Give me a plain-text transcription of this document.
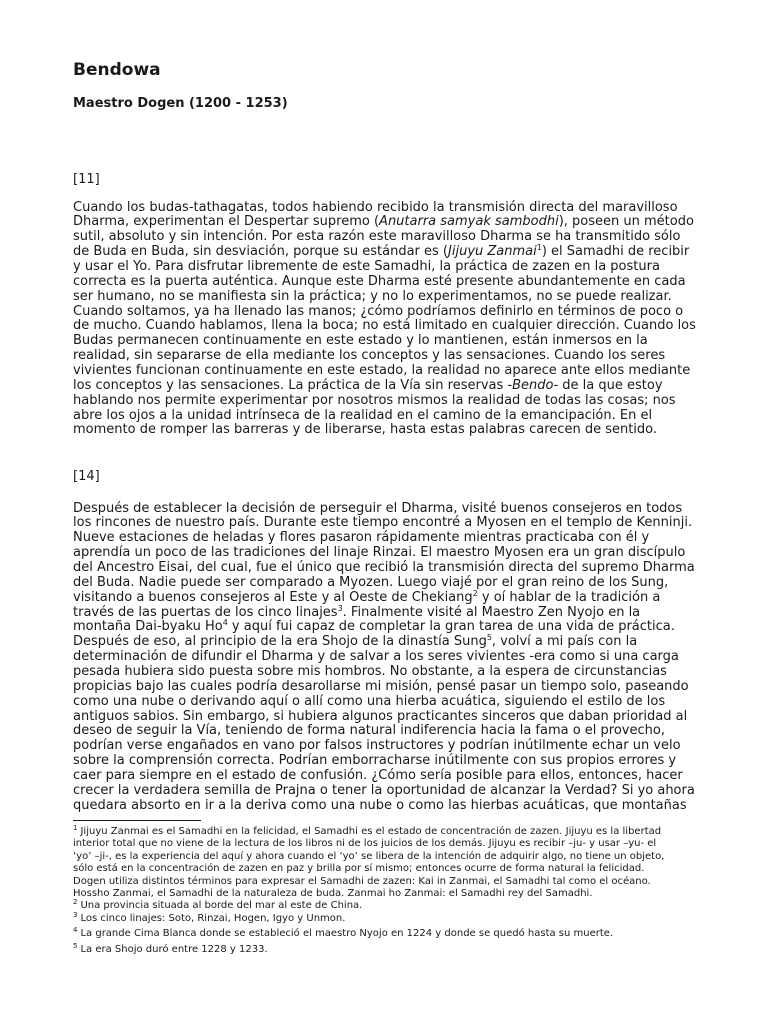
Bendowa
Maestro Dogen (1200 - 1253)
[11]
Cuando los budas-tathagatas, todos habiendo recibido la transmisión directa del maravilloso
Dharma, experimentan el Despertar supremo (Anutarra samyak sambodhi), poseen un método
sutil, absoluto y sin intención. Por esta razón este maravilloso Dharma se ha transmitido sólo
de Buda en Buda, sin desviación, porque su estándar es (Jijuyu Zanmai$^1$) el Samadhi de recibir
y usar el Yo. Para disfrutar libremente de este Samadhi, la práctica de zazen en la postura
correcta es la puerta auténtica. Aunque este Dharma esté presente abundantemente en cada
ser humano, no se manifiesta sin la práctica; y no lo experimentamos, no se puede realizar.
Cuando soltamos, ya ha llenado las manos; ¿cómo podríamos definirlo en términos de poco o
de mucho. Cuando hablamos, llena la boca; no está limitado en cualquier dirección. Cuando los
Budas permanecen continuamente en este estado y lo mantienen, están inmersos en la
realidad, sin separarse de ella mediante los conceptos y las sensaciones. Cuando los seres
vivientes funcionan continuamente en este estado, la realidad no aparece ante ellos mediante
los conceptos y las sensaciones. La práctica de la Vía sin reservas -Bendo- de la que estoy
hablando nos permite experimentar por nosotros mismos la realidad de todas las cosas; nos
abre los ojos a la unidad intrínseca de la realidad en el camino de la emancipación. En el
momento de romper las barreras y de liberarse, hasta estas palabras carecen de sentido.
[14]
Después de establecer la decisión de perseguir el Dharma, visité buenos consejeros en todos
los rincones de nuestro país. Durante este tiempo encontré a Myosen en el templo de Kenninji.
Nueve estaciones de heladas y flores pasaron rápidamente mientras practicaba con él y
aprendía un poco de las tradiciones del linaje Rinzai. El maestro Myosen era un gran discípulo
del Ancestro Eisai, del cual, fue el único que recibió la transmisión directa del supremo Dharma
del Buda. Nadie puede ser comparado a Myozen. Luego viajé por el gran reino de los Sung,
visitando a buenos consejeros al Este y al Oeste de Chekiang$^2$ y oí hablar de la tradición a
través de las puertas de los cinco linajes$^3$. Finalmente visité al Maestro Zen Nyojo en la
montaña Dai-byaku Ho$^4$ y aquí fui capaz de completar la gran tarea de una vida de práctica.
Después de eso, al principio de la era Shojo de la dinastía Sung$^5$, volví a mi país con la
determinación de difundir el Dharma y de salvar a los seres vivientes -era como si una carga
pesada hubiera sido puesta sobre mis hombros. No obstante, a la espera de circunstancias
propicias bajo las cuales podría desarollarse mi misión, pensé pasar un tiempo solo, paseando
como una nube o derivando aquí o allí como una hierba acuática, siguiendo el estilo de los
antiguos sabios. Sin embargo, si hubiera algunos practicantes sinceros que daban prioridad al
deseo de seguir la Vía, teniendo de forma natural indiferencia hacia la fama o el provecho,
podrían verse engañados en vano por falsos instructores y podrían inútilmente echar un velo
sobre la comprensión correcta. Podrían emborracharse inútilmente con sus propios errores y
caer para siempre en el estado de confusión. ¿Cómo sería posible para ellos, entonces, hacer
crecer la verdadera semilla de Prajna o tener la oportunidad de alcanzar la Verdad? Si yo ahora
quedara absorto en ir a la deriva como una nube o como las hierbas acuáticas, que montañas
$^1$ Jijuyu Zanmai es el Samadhi en la felicidad, el Samadhi es el estado de concentración de zazen. Jijuyu es la libertad
interior total que no viene de la lectura de los libros ni de los juicios de los demás. Jijuyu es recibir –ju- y usar –yu- el
‘yo’ –ji-, es la experiencia del aquí y ahora cuando el ‘yo’ se libera de la intención de adquirir algo, no tiene un objeto,
sólo está en la concentración de zazen en paz y brilla por sí mismo; entonces ocurre de forma natural la felicidad.
Dogen utiliza distintos términos para expresar el Samadhi de zazen: Kai in Zanmai, el Samadhi tal como el océano.
Hossho Zanmai, el Samadhi de la naturaleza de buda. Zanmai ho Zanmai: el Samadhi rey del Samadhi.
$^2$ Una provincia situada al borde del mar al este de China.
$^3$ Los cinco linajes: Soto, Rinzai, Hogen, Igyo y Unmon.
$^4$ La grande Cima Blanca donde se estableció el maestro Nyojo en 1224 y donde se quedó hasta su muerte.
$^5$ La era Shojo duró entre 1228 y 1233.
